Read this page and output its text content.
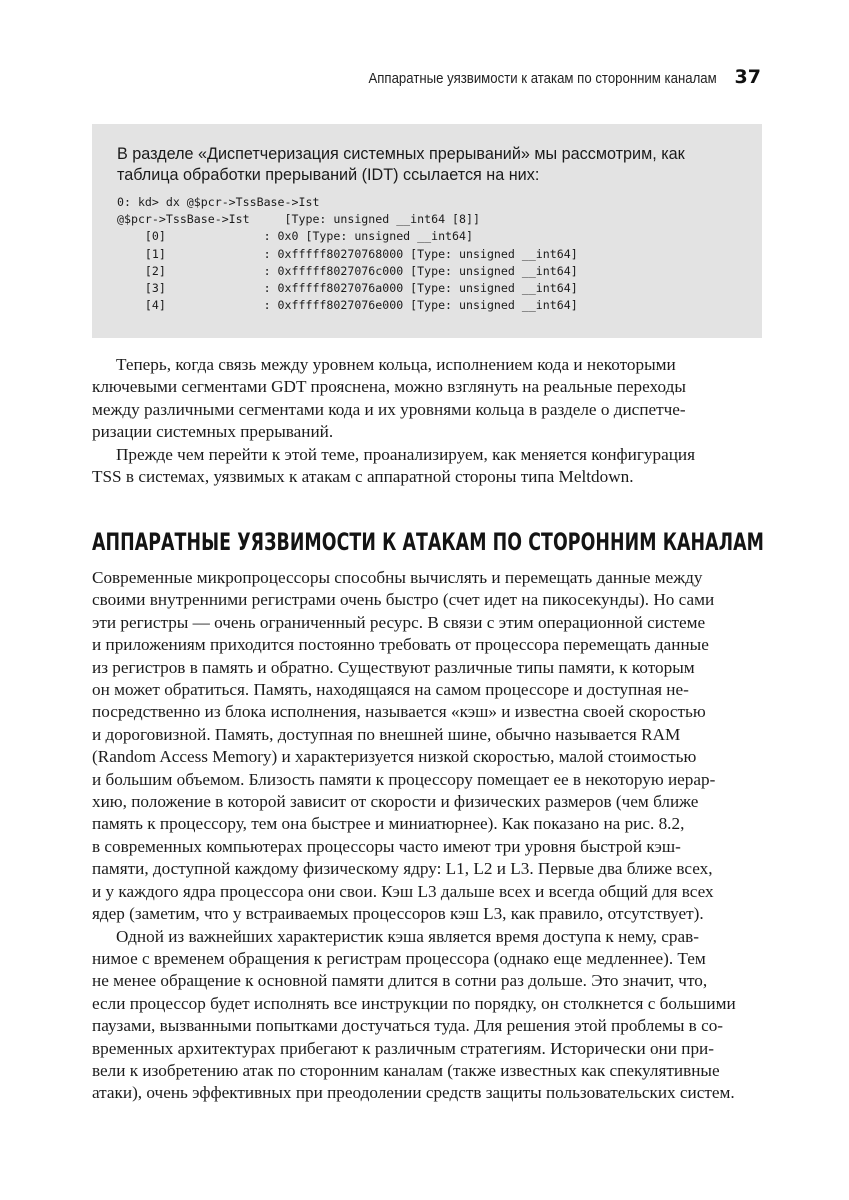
Аппаратные уязвимости к атакам по сторонним каналам 37

В разделе «Диспетчеризация системных прерываний» мы рассмотрим, как
таблица обработки прерываний (IDT) ссылается на них:

0: kd> dx @$pcr->TssBase->Ist
@$pcr->TssBase->Ist     [Type: unsigned __int64 [8]]
[0]              : 0x0 [Type: unsigned __int64]
[1]              : 0xfffff80270768000 [Type: unsigned __int64]
[2]              : 0xfffff8027076c000 [Type: unsigned __int64]
[3]              : 0xfffff8027076a000 [Type: unsigned __int64]
[4]              : 0xfffff8027076e000 [Type: unsigned __int64]

Теперь, когда связь между уровнем кольца, исполнением кода и некоторыми
ключевыми сегментами GDT прояснена, можно взглянуть на реальные переходы
между различными сегментами кода и их уровнями кольца в разделе о диспетче-
ризации системных прерываний.

Прежде чем перейти к этой теме, проанализируем, как меняется конфигурация
TSS в системах, уязвимых к атакам с аппаратной стороны типа Meltdown.

АППАРАТНЫЕ УЯЗВИМОСТИ К АТАКАМ ПО СТОРОННИМ КАНАЛАМ

Современные микропроцессоры способны вычислять и перемещать данные между
своими внутренними регистрами очень быстро (счет идет на пикосекунды). Но сами
эти регистры — очень ограниченный ресурс. В связи с этим операционной системе
и приложениям приходится постоянно требовать от процессора перемещать данные
из регистров в память и обратно. Существуют различные типы памяти, к которым
он может обратиться. Память, находящаяся на самом процессоре и доступная не-
посредственно из блока исполнения, называется «кэш» и известна своей скоростью
и дороговизной. Память, доступная по внешней шине, обычно называется RAM
(Random Access Memory) и характеризуется низкой скоростью, малой стоимостью
и большим объемом. Близость памяти к процессору помещает ее в некоторую иерар-
хию, положение в которой зависит от скорости и физических размеров (чем ближе
память к процессору, тем она быстрее и миниатюрнее). Как показано на рис. 8.2,
в современных компьютерах процессоры часто имеют три уровня быстрой кэш-
памяти, доступной каждому физическому ядру: L1, L2 и L3. Первые два ближе всех,
и у каждого ядра процессора они свои. Кэш L3 дальше всех и всегда общий для всех
ядер (заметим, что у встраиваемых процессоров кэш L3, как правило, отсутствует).

Одной из важнейших характеристик кэша является время доступа к нему, срав-
нимое с временем обращения к регистрам процессора (однако еще медленнее). Тем
не менее обращение к основной памяти длится в сотни раз дольше. Это значит, что,
если процессор будет исполнять все инструкции по порядку, он столкнется с большими
паузами, вызванными попытками достучаться туда. Для решения этой проблемы в со-
временных архитектурах прибегают к различным стратегиям. Исторически они при-
вели к изобретению атак по сторонним каналам (также известных как спекулятивные
атаки), очень эффективных при преодолении средств защиты пользовательских систем.
